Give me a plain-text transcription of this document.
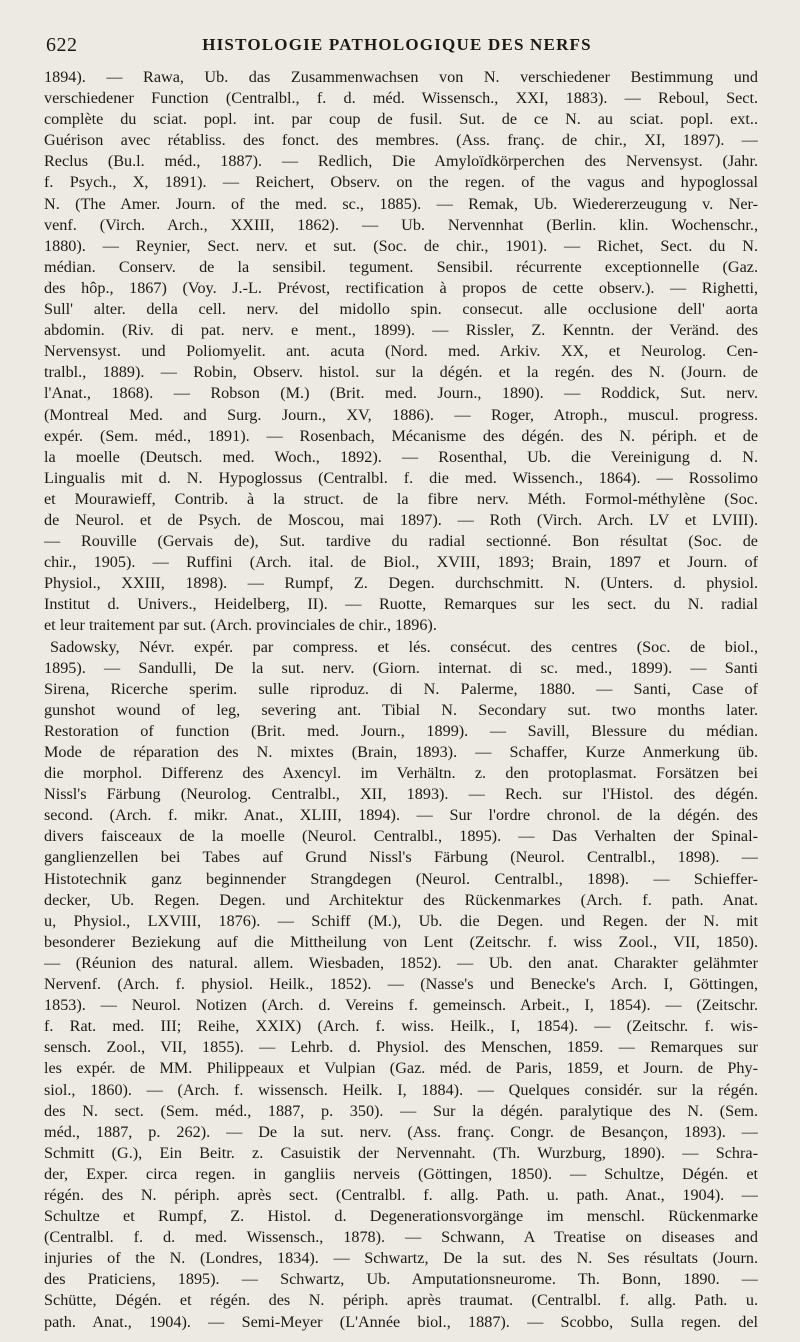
622	HISTOLOGIE PATHOLOGIQUE DES NERFS
1894). — Rawa, Ub. das Zusammenwachsen von N. verschiedener Bestimmung und
verschiedener Function (Centralbl., f. d. méd. Wissensch., XXI, 1883). — Reboul, Sect.
complète du sciat. popl. int. par coup de fusil. Sut. de ce N. au sciat. popl. ext..
Guérison avec rétabliss. des fonct. des membres. (Ass. franç. de chir., XI, 1897). —
Reclus (Bu.l. méd., 1887). — Redlich, Die Amyloïdkörperchen des Nervensyst. (Jahr.
f. Psych., X, 1891). — Reichert, Observ. on the regen. of the vagus and hypoglossal
N. (The Amer. Journ. of the med. sc., 1885). — Remak, Ub. Wiedererzeugung v. Ner-
venf. (Virch. Arch., XXIII, 1862). — Ub. Nervennhat (Berlin. klin. Wochenschr.,
1880). — Reynier, Sect. nerv. et sut. (Soc. de chir., 1901). — Richet, Sect. du N.
médian. Conserv. de la sensibil. tegument. Sensibil. récurrente exceptionnelle (Gaz.
des hôp., 1867) (Voy. J.-L. Prévost, rectification à propos de cette observ.). — Righetti,
Sull' alter. della cell. nerv. del midollo spin. consecut. alle occlusione dell' aorta
abdomin. (Riv. di pat. nerv. e ment., 1899). — Rissler, Z. Kenntn. der Veränd. des
Nervensyst. und Poliomyelit. ant. acuta (Nord. med. Arkiv. XX, et Neurolog. Cen-
tralbl., 1889). — Robin, Observ. histol. sur la dégén. et la regén. des N. (Journ. de
l'Anat., 1868). — Robson (M.) (Brit. med. Journ., 1890). — Roddick, Sut. nerv.
(Montreal Med. and Surg. Journ., XV, 1886). — Roger, Atroph., muscul. progress.
expér. (Sem. méd., 1891). — Rosenbach, Mécanisme des dégén. des N. périph. et de
la moelle (Deutsch. med. Woch., 1892). — Rosenthal, Ub. die Vereinigung d. N.
Lingualis mit d. N. Hypoglossus (Centralbl. f. die med. Wissench., 1864). — Rossolimo
et Mourawieff, Contrib. à la struct. de la fibre nerv. Méth. Formol-méthylène (Soc.
de Neurol. et de Psych. de Moscou, mai 1897). — Roth (Virch. Arch. LV et LVIII).
— Rouville (Gervais de), Sut. tardive du radial sectionné. Bon résultat (Soc. de
chir., 1905). — Ruffini (Arch. ital. de Biol., XVIII, 1893; Brain, 1897 et Journ. of
Physiol., XXIII, 1898). — Rumpf, Z. Degen. durchschmitt. N. (Unters. d. physiol.
Institut d. Univers., Heidelberg, II). — Ruotte, Remarques sur les sect. du N. radial
et leur traitement par sut. (Arch. provinciales de chir., 1896).
Sadowsky, Névr. expér. par compress. et lés. consécut. des centres (Soc. de biol.,
1895). — Sandulli, De la sut. nerv. (Giorn. internat. di sc. med., 1899). — Santi
Sirena, Ricerche sperim. sulle riproduz. di N. Palerme, 1880. — Santi, Case of
gunshot wound of leg, severing ant. Tibial N. Secondary sut. two months later.
Restoration of function (Brit. med. Journ., 1899). — Savill, Blessure du médian.
Mode de réparation des N. mixtes (Brain, 1893). — Schaffer, Kurze Anmerkung üb.
die morphol. Differenz des Axencyl. im Verhältn. z. den protoplasmat. Forsätzen bei
Nissl's Färbung (Neurolog. Centralbl., XII, 1893). — Rech. sur l'Histol. des dégén.
second. (Arch. f. mikr. Anat., XLIII, 1894). — Sur l'ordre chronol. de la dégén. des
divers faisceaux de la moelle (Neurol. Centralbl., 1895). — Das Verhalten der Spinal-
ganglienzellen bei Tabes auf Grund Nissl's Färbung (Neurol. Centralbl., 1898). —
Histotechnik ganz beginnender Strangdegen (Neurol. Centralbl., 1898). — Schieffer-
decker, Ub. Regen. Degen. und Architektur des Rückenmarkes (Arch. f. path. Anat.
u, Physiol., LXVIII, 1876). — Schiff (M.), Ub. die Degen. und Regen. der N. mit
besonderer Beziekung auf die Mittheilung von Lent (Zeitschr. f. wiss Zool., VII, 1850).
— (Réunion des natural. allem. Wiesbaden, 1852). — Ub. den anat. Charakter gelähmter
Nervenf. (Arch. f. physiol. Heilk., 1852). — (Nasse's und Benecke's Arch. I, Göttingen,
1853). — Neurol. Notizen (Arch. d. Vereins f. gemeinsch. Arbeit., I, 1854). — (Zeitschr.
f. Rat. med. III; Reihe, XXIX) (Arch. f. wiss. Heilk., I, 1854). — (Zeitschr. f. wis-
sensch. Zool., VII, 1855). — Lehrb. d. Physiol. des Menschen, 1859. — Remarques sur
les expér. de MM. Philippeaux et Vulpian (Gaz. méd. de Paris, 1859, et Journ. de Phy-
siol., 1860). — (Arch. f. wissensch. Heilk. I, 1884). — Quelques considér. sur la régén.
des N. sect. (Sem. méd., 1887, p. 350). — Sur la dégén. paralytique des N. (Sem.
méd., 1887, p. 262). — De la sut. nerv. (Ass. franç. Congr. de Besançon, 1893). —
Schmitt (G.), Ein Beitr. z. Casuistik der Nervennaht. (Th. Wurzburg, 1890). — Schra-
der, Exper. circa regen. in gangliis nerveis (Göttingen, 1850). — Schultze, Dégén. et
régén. des N. périph. après sect. (Centralbl. f. allg. Path. u. path. Anat., 1904). —
Schultze et Rumpf, Z. Histol. d. Degenerationsvorgänge im menschl. Rückenmarke
(Centralbl. f. d. med. Wissensch., 1878). — Schwann, A Treatise on diseases and
injuries of the N. (Londres, 1834). — Schwartz, De la sut. des N. Ses résultats (Journ.
des Praticiens, 1895). — Schwartz, Ub. Amputationsneurome. Th. Bonn, 1890. —
Schütte, Dégén. et régén. des N. périph. après traumat. (Centralbl. f. allg. Path. u.
path. Anat., 1904). — Semi-Meyer (L'Année biol., 1887). — Scobbo, Sulla regen. del
